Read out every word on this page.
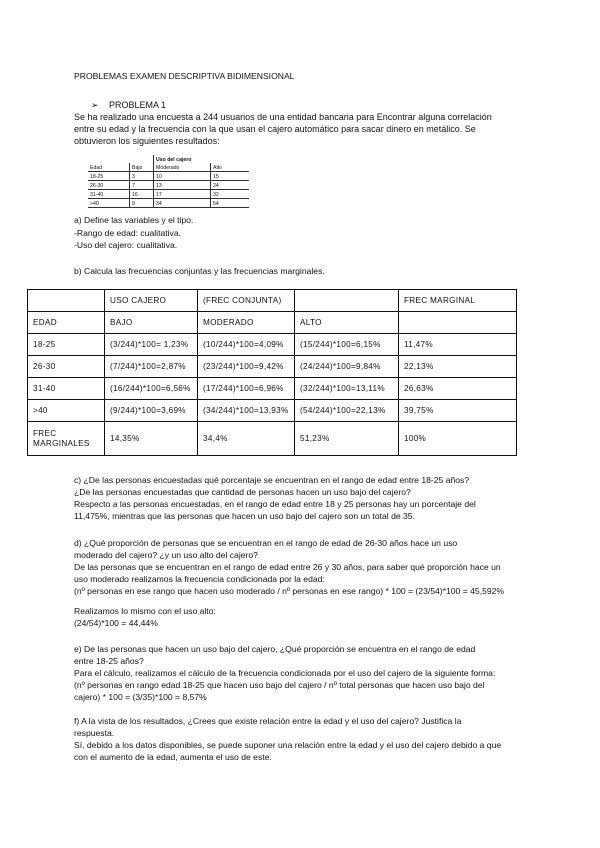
PROBLEMAS EXAMEN DESCRIPTIVA BIDIMENSIONAL
➢ PROBLEMA 1
Se ha realizado una encuesta a 244 usuarios de una entidad bancaria para Encontrar alguna correlación
entre su edad y la frecuencia con la que usan el cajero automático para sacar dinero en metálico. Se
obtuvieron los siguientes resultados:
		Uso del cajero	
Edad	Bajo	Moderado	Alto
18-25	3	10	15
26-30	7	13	24
31-40	16	17	32
>40	9	34	54
a) Define las variables y el tipo.
-Rango de edad: cualitativa.
-Uso del cajero: cualitativa.
b) Calcula las frecuencias conjuntas y las frecuencias marginales.
	USO CAJERO	(FREC CONJUNTA)		FREC MARGINAL
EDAD	BAJO	MODERADO	ALTO	
18-25	(3/244)*100= 1,23%	(10/244)*100=4,09%	(15/244)*100=6,15%	11,47%
26-30	(7/244)*100=2,87%	(23/244)*100=9,42%	(24/244)*100=9,84%	22,13%
31-40	(16/244)*100=6,56%	(17/244)*100=6,96%	(32/244)*100=13,11%	26,63%
>40	(9/244)*100=3,69%	(34/244)*100=13,93%	(54/244)*100=22,13%	39,75%

FREC
MARGINALES	14,35%	34,4%	51,23%	100%
c) ¿De las personas encuestadas qué porcentaje se encuentran en el rango de edad entre 18-25 años?
¿De las personas encuestadas que cantidad de personas hacen un uso bajo del cajero?
Respecto a las personas encuestadas, en el rango de edad entre 18 y 25 personas hay un porcentaje del
11,475%, mientras que las personas que hacen un uso bajo del cajero son un total de 35.
d) ¿Qué proporción de personas que se encuentran en el rango de edad de 26-30 años hace un uso
moderado del cajero? ¿y un uso alto del cajero?
De las personas que se encuentran en el rango de edad entre 26 y 30 años, para saber qué proporción hace un
uso moderado realizamos la frecuencia condicionada por la edad:
(nº personas en ese rango que hacen uso moderado / nº personas en ese rango) * 100 = (23/54)*100 = 45,592%
Realizamos lo mismo con el uso alto:
(24/54)*100 = 44,44%
e) De las personas que hacen un uso bajo del cajero, ¿Qué proporción se encuentra en el rango de edad
entre 18-25 años?
Para el cálculo, realizamos el cálculo de la frecuencia condicionada por el uso del cajero de la siguiente forma:
(nº personas en rango edad 18-25 que hacen uso bajo del cajero / nº total personas que hacen uso bajo del
cajero) * 100 = (3/35)*100 = 8,57%
f) A la vista de los resultados, ¿Crees que existe relación entre la edad y el uso del cajero? Justifica la
respuesta.
Sí, debido a los datos disponibles, se puede suponer una relación entre la edad y el uso del cajero debido a que
con el aumento de la edad, aumenta el uso de este.
